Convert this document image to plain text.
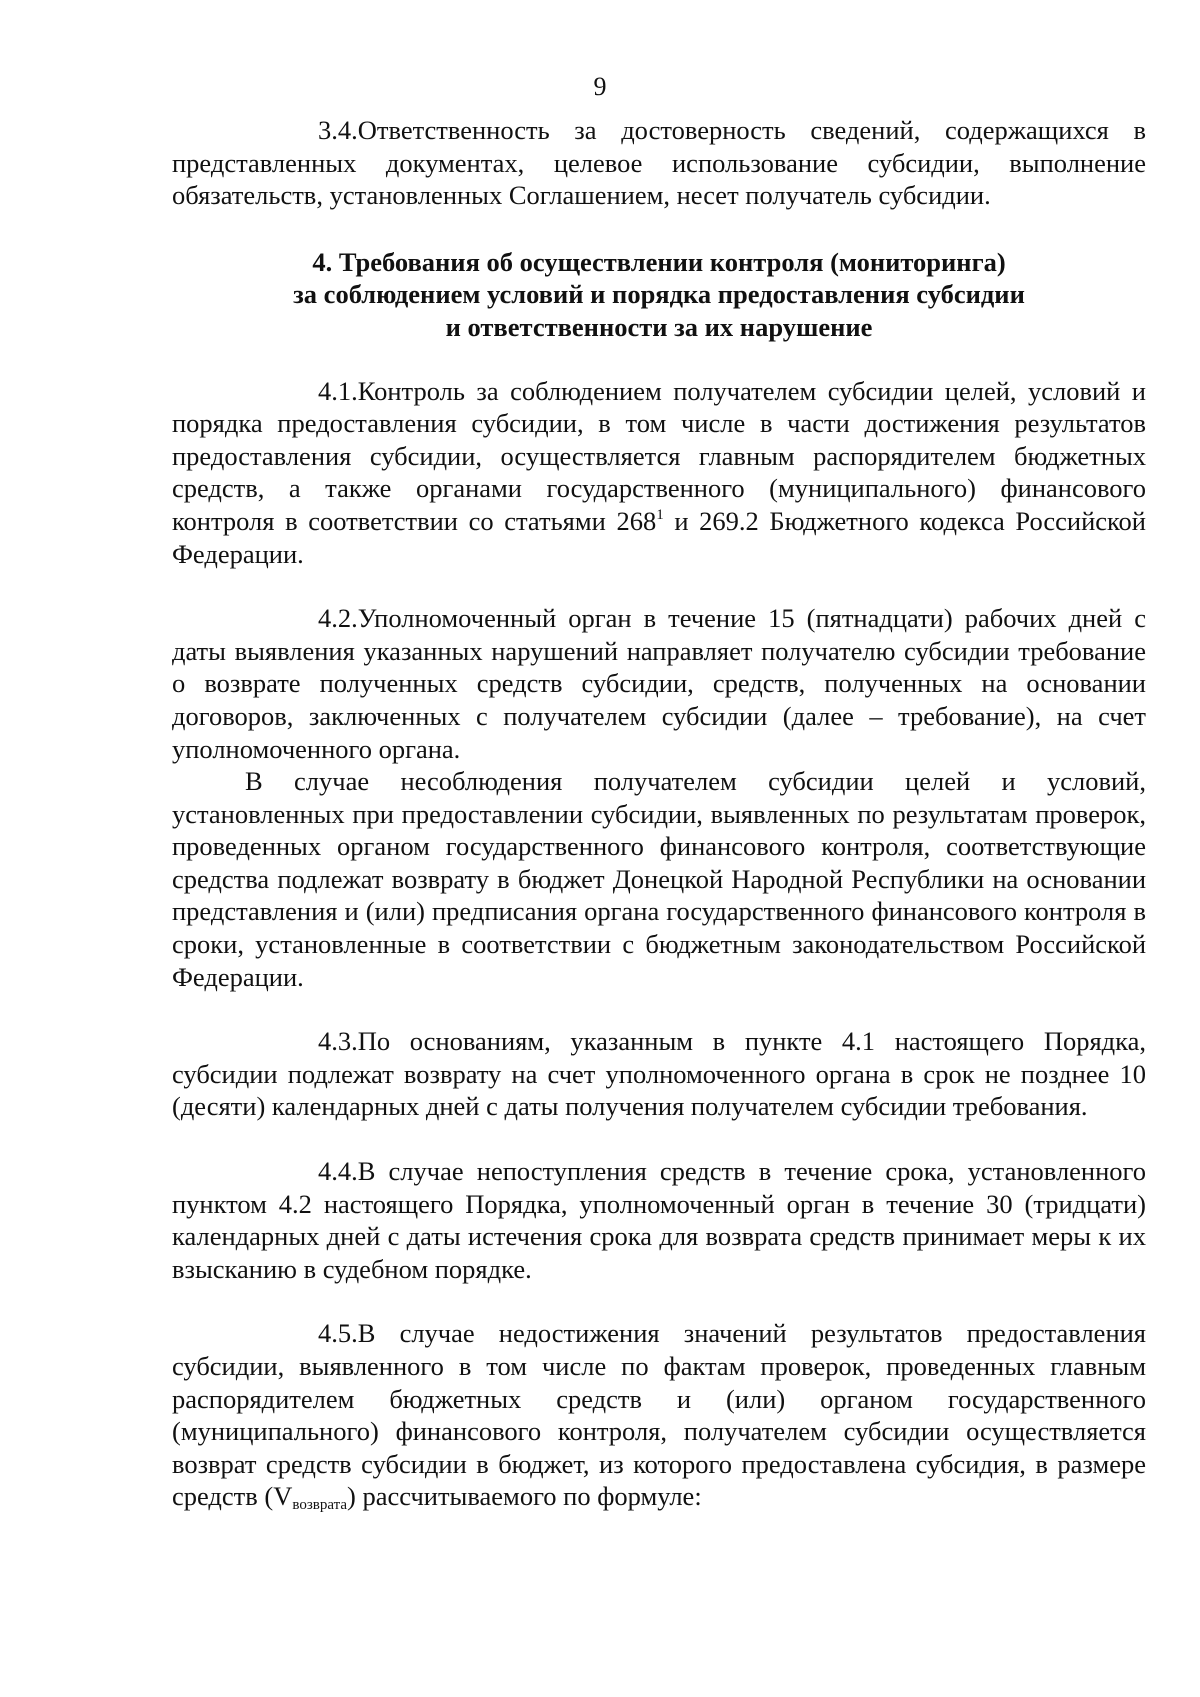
9

3.4.Ответственность за достоверность сведений, содержащихся в представленных документах, целевое использование субсидии, выполнение обязательств, установленных Соглашением, несет получатель субсидии.

4. Требования об осуществлении контроля (мониторинга)
за соблюдением условий и порядка предоставления субсидии
и ответственности за их нарушение

4.1.Контроль за соблюдением получателем субсидии целей, условий и порядка предоставления субсидии, в том числе в части достижения результатов предоставления субсидии, осуществляется главным распорядителем бюджетных средств, а также органами государственного (муниципального) финансового контроля в соответствии со статьями $268^1$ и 269.2 Бюджетного кодекса Российской Федерации.

4.2.Уполномоченный орган в течение 15 (пятнадцати) рабочих дней с даты выявления указанных нарушений направляет получателю субсидии требование о возврате полученных средств субсидии, средств, полученных на основании договоров, заключенных с получателем субсидии (далее – требование), на счет уполномоченного органа.

В случае несоблюдения получателем субсидии целей и условий, установленных при предоставлении субсидии, выявленных по результатам проверок, проведенных органом государственного финансового контроля, соответствующие средства подлежат возврату в бюджет Донецкой Народной Республики на основании представления и (или) предписания органа государственного финансового контроля в сроки, установленные в соответствии с бюджетным законодательством Российской Федерации.

4.3.По основаниям, указанным в пункте 4.1 настоящего Порядка, субсидии подлежат возврату на счет уполномоченного органа в срок не позднее 10 (десяти) календарных дней с даты получения получателем субсидии требования.

4.4.В случае непоступления средств в течение срока, установленного пунктом 4.2 настоящего Порядка, уполномоченный орган в течение 30 (тридцати) календарных дней с даты истечения срока для возврата средств принимает меры к их взысканию в судебном порядке.

4.5.В случае недостижения значений результатов предоставления субсидии, выявленного в том числе по фактам проверок, проведенных главным распорядителем бюджетных средств и (или) органом государственного (муниципального) финансового контроля, получателем субсидии осуществляется возврат средств субсидии в бюджет, из которого предоставлена субсидия, в размере средств $(V_{возврата})$ рассчитываемого по формуле:
